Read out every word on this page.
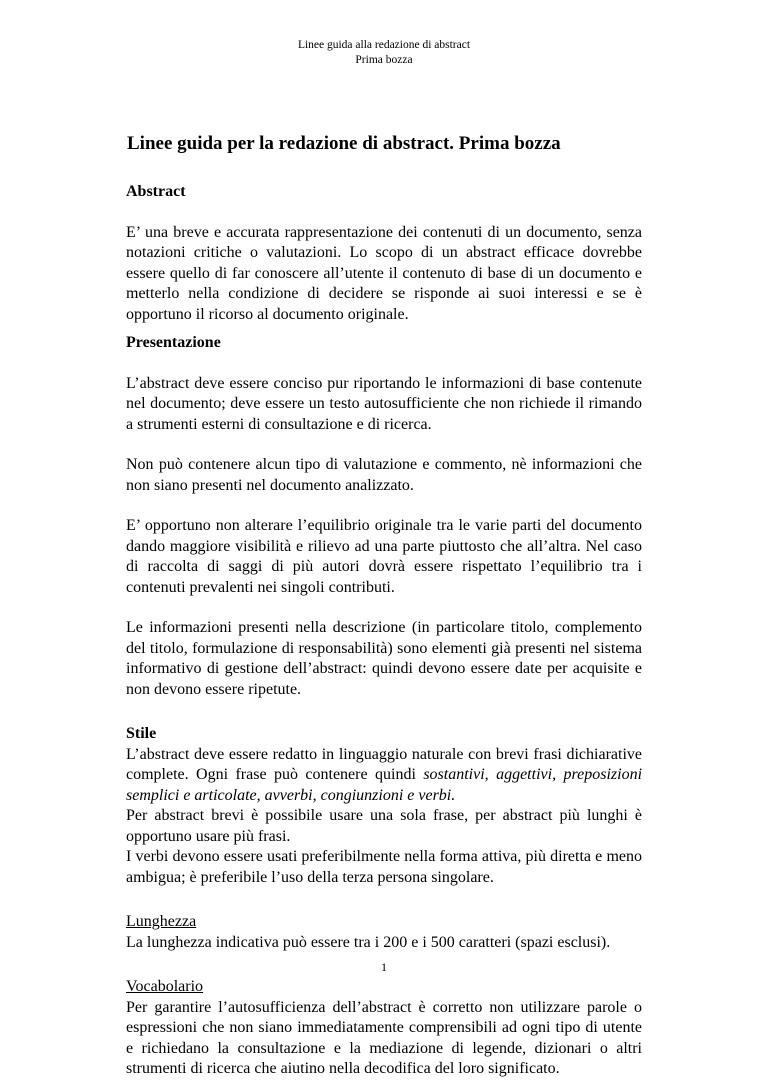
Linee guida alla redazione di abstract
Prima bozza
Linee guida per la redazione di abstract. Prima bozza
Abstract

E’ una breve e accurata rappresentazione dei contenuti di un documento, senza notazioni critiche o valutazioni. Lo scopo di un abstract efficace dovrebbe essere quello di far conoscere all’utente il contenuto di base di un documento e metterlo nella condizione di decidere se risponde ai suoi interessi e se è opportuno il ricorso al documento originale.

Presentazione

L’abstract deve essere conciso pur riportando le informazioni di base contenute nel documento; deve essere un testo autosufficiente che non richiede il rimando a strumenti esterni di consultazione e di ricerca.

Non può contenere alcun tipo di valutazione e commento, nè informazioni che non siano presenti nel documento analizzato.

E’ opportuno non alterare l’equilibrio originale tra le varie parti del documento dando maggiore visibilità e rilievo ad una parte piuttosto che all’altra. Nel caso di raccolta di saggi di più autori dovrà essere rispettato l’equilibrio tra i contenuti prevalenti nei singoli contributi.

Le informazioni presenti nella descrizione (in particolare titolo, complemento del titolo, formulazione di responsabilità) sono elementi già presenti nel sistema informativo di gestione dell’abstract: quindi devono essere date per acquisite e non devono essere ripetute.

Stile

L’abstract deve essere redatto in linguaggio naturale con brevi frasi dichiarative complete. Ogni frase può contenere quindi sostantivi, aggettivi, preposizioni semplici e articolate, avverbi, congiunzioni e verbi.

Per abstract brevi è possibile usare una sola frase, per abstract più lunghi è opportuno usare più frasi.

I verbi devono essere usati preferibilmente nella forma attiva, più diretta e meno ambigua; è preferibile l’uso della terza persona singolare.

Lunghezza

La lunghezza indicativa può essere tra i 200 e i 500 caratteri (spazi esclusi).

Vocabolario

Per garantire l’autosufficienza dell’abstract è corretto non utilizzare parole o espressioni che non siano immediatamente comprensibili ad ogni tipo di utente e richiedano la consultazione e la mediazione di legende, dizionari o altri strumenti di ricerca che aiutino nella decodifica del loro significato.

1
